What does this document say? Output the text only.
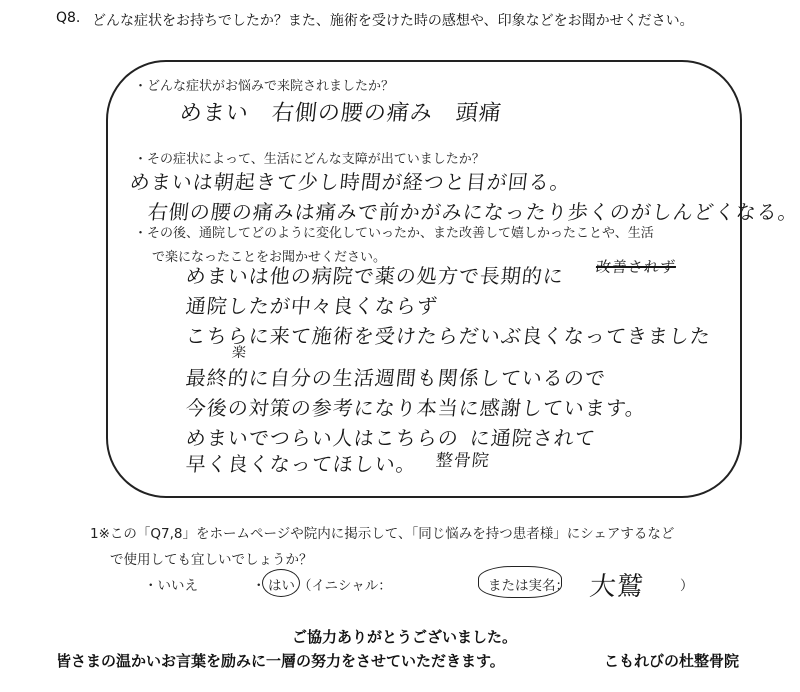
Q8. どんな症状をお持ちでしたか？また、施術を受けた時の感想や、印象などをお聞かせください。
・どんな症状がお悩みで来院されましたか？
・その症状によって、生活にどんな支障が出ていましたか？
・その後、通院してどのように変化していったか、また改善して嬉しかったことや、生活
で楽になったことをお聞かせください。
めまい　右側の腰の痛み　頭痛
めまいは朝起きて少し時間が経つと目が回る。
右側の腰の痛みは痛みで前かがみになったり歩くのがしんどくなる。
めまいは他の病院で薬の処方で長期的に 改善されず
通院したが中々良くならず
こちらに来て施術を受けたらだいぶ良くなってきました
楽
最終的に自分の生活週間も関係しているので
今後の対策の参考になり本当に感謝しています。
めまいでつらい人はこちらの に通院されて
整骨院
早く良くなってほしい。
1※この「Q7,8」をホームページや院内に掲示して、「同じ悩みを持つ患者様」にシェアするなど
で使用しても宜しいでしょうか？
・いいえ	・ はい （イニシャル：	または実名： 大鷲	）
ご協力ありがとうございました。
皆さまの温かいお言葉を励みに一層の努力をさせていただきます。	こもれびの杜整骨院
